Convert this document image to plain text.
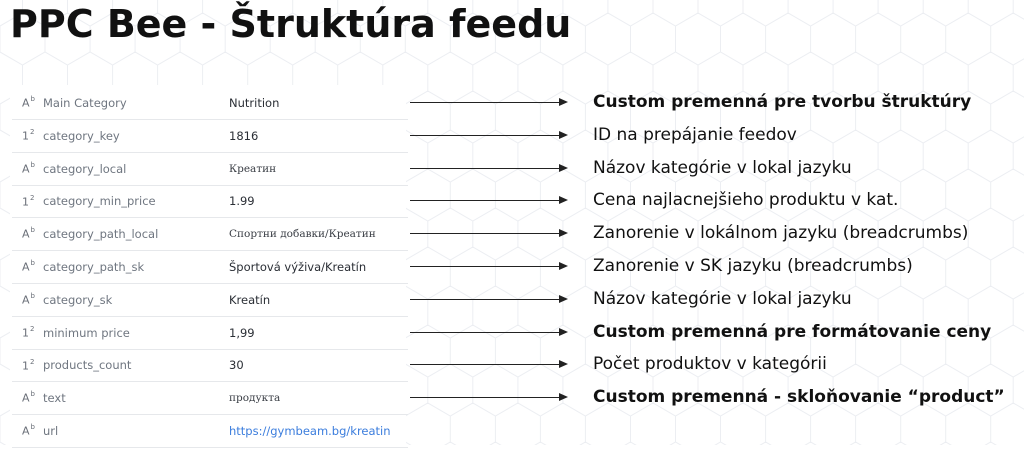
PPC Bee - Štruktúra feedu
$A^b$ Main Category	Nutrition	Custom premenná pre tvorbu štruktúry
$1^2$ category_key	1816	ID na prepájanie feedov
$A^b$ category_local	Креатин	Názov kategórie v lokal jazyku
$1^2$ category_min_price	1.99	Cena najlacnejšieho produktu v kat.
$A^b$ category_path_local	Спортни добавки/Креатин	Zanorenie v lokálnom jazyku (breadcrumbs)
$A^b$ category_path_sk	Športová výživa/Kreatín	Zanorenie v SK jazyku (breadcrumbs)
$A^b$ category_sk	Kreatín	Názov kategórie v lokal jazyku
$1^2$ minimum price	1,99	Custom premenná pre formátovanie ceny
$1^2$ products_count	30	Počet produktov v kategórii
$A^b$ text	продукта	Custom premenná - skloňovanie “product”
$A^b$ url	https://gymbeam.bg/kreatin
